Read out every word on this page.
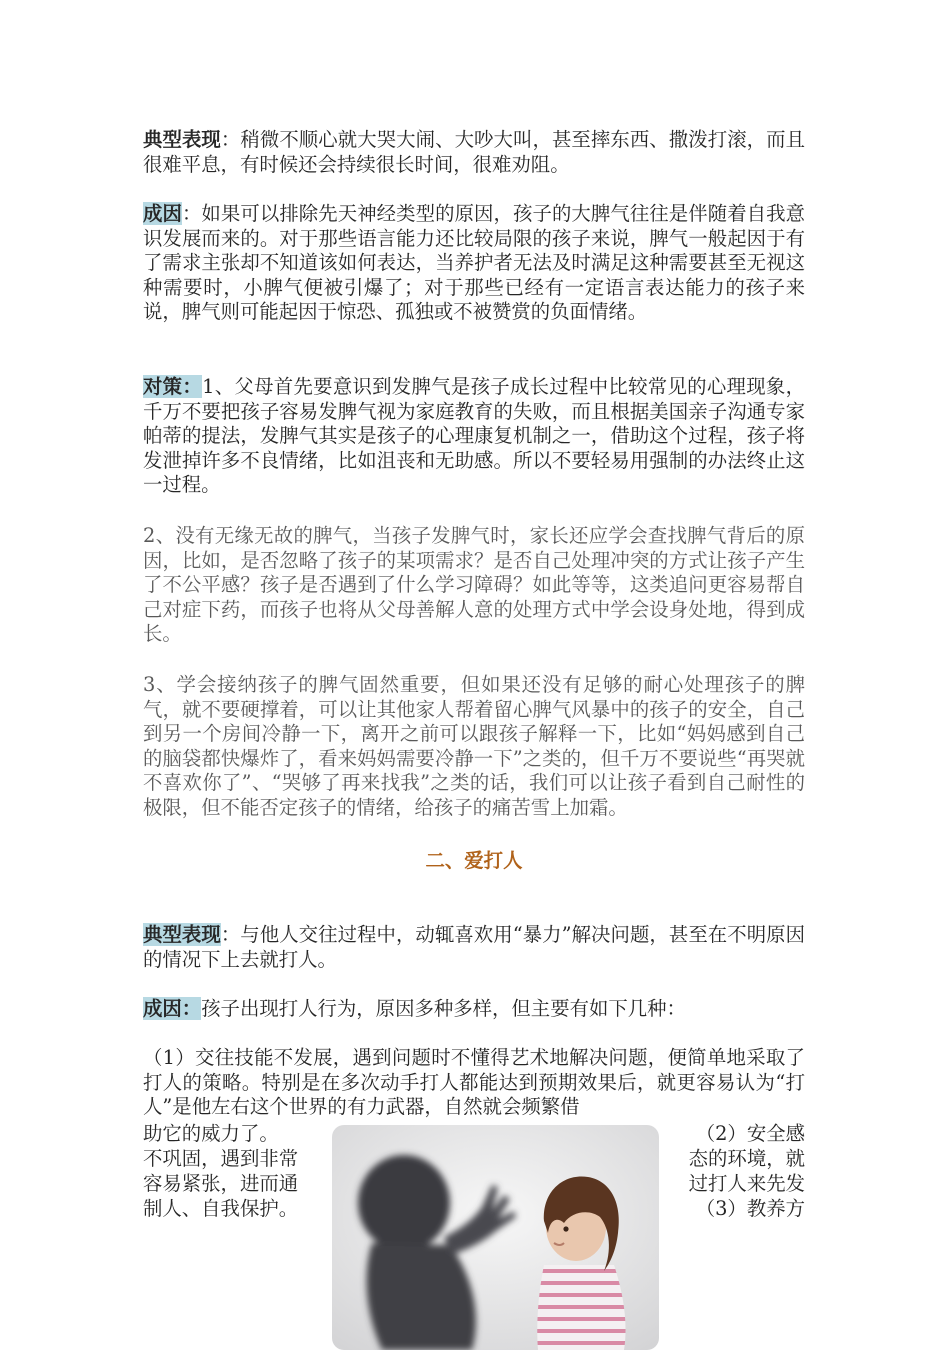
典型表现：稍微不顺心就大哭大闹、大吵大叫，甚至摔东西、撒泼打滚，而且很难平息，有时候还会持续很长时间，很难劝阻。

成因：如果可以排除先天神经类型的原因，孩子的大脾气往往是伴随着自我意识发展而来的。对于那些语言能力还比较局限的孩子来说，脾气一般起因于有了需求主张却不知道该如何表达，当养护者无法及时满足这种需要甚至无视这种需要时，小脾气便被引爆了；对于那些已经有一定语言表达能力的孩子来说，脾气则可能起因于惊恐、孤独或不被赞赏的负面情绪。

对策：1、父母首先要意识到发脾气是孩子成长过程中比较常见的心理现象，千万不要把孩子容易发脾气视为家庭教育的失败，而且根据美国亲子沟通专家帕蒂的提法，发脾气其实是孩子的心理康复机制之一，借助这个过程，孩子将发泄掉许多不良情绪，比如沮丧和无助感。所以不要轻易用强制的办法终止这一过程。

2、没有无缘无故的脾气，当孩子发脾气时，家长还应学会查找脾气背后的原因，比如，是否忽略了孩子的某项需求？是否自己处理冲突的方式让孩子产生了不公平感？孩子是否遇到了什么学习障碍？如此等等，这类追问更容易帮自己对症下药，而孩子也将从父母善解人意的处理方式中学会设身处地，得到成长。

3、学会接纳孩子的脾气固然重要，但如果还没有足够的耐心处理孩子的脾气，就不要硬撑着，可以让其他家人帮着留心脾气风暴中的孩子的安全，自己到另一个房间冷静一下，离开之前可以跟孩子解释一下，比如“妈妈感到自己的脑袋都快爆炸了，看来妈妈需要冷静一下”之类的，但千万不要说些“再哭就不喜欢你了”、“哭够了再来找我”之类的话，我们可以让孩子看到自己耐性的极限，但不能否定孩子的情绪，给孩子的痛苦雪上加霜。

二、爱打人

典型表现：与他人交往过程中，动辄喜欢用“暴力”解决问题，甚至在不明原因的情况下上去就打人。

成因：孩子出现打人行为，原因多种多样，但主要有如下几种：

（1）交往技能不发展，遇到问题时不懂得艺术地解决问题，便简单地采取了打人的策略。特别是在多次动手打人都能达到预期效果后，就更容易认为“打人”是他左右这个世界的有力武器，自然就会频繁借

助它的威力了。	（2）安全感
不巩固，遇到非常	态的环境，就
容易紧张，进而通	过打人来先发
制人、自我保护。	（3）教养方
